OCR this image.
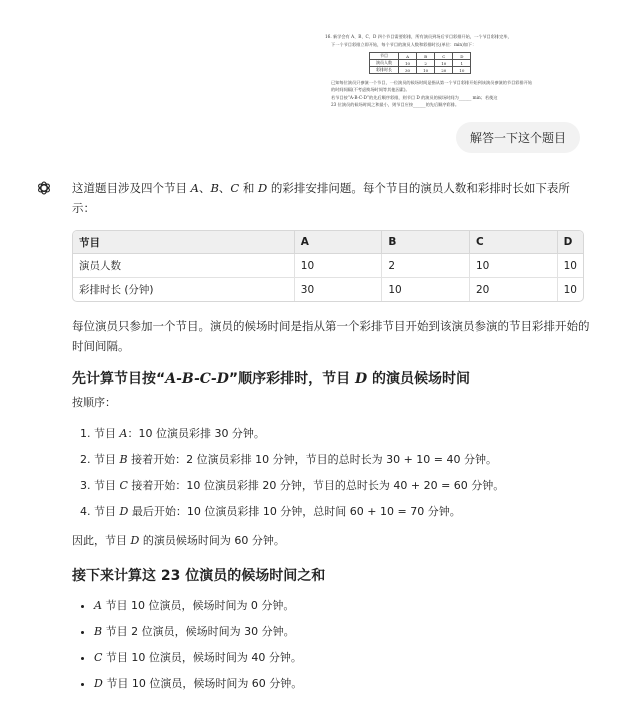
16. 新学会有 A、B、C、D 四个节目需要彩排，所有演员到场后节目彩排开始，一个节目彩排完毕，
下一个节目彩排立即开始，每个节目的演员人数和彩排时长(单位：min)如下：
节目	A	B	C	D
演员人数	10	2	10	1
彩排时长	30	10	20	10
已知每位演员只参演一个节目，一位演员的候场时间是指从第一个节目彩排开始到该演员参演的节目彩排开始
的时间间隔(不考虑换场时间等其他因素)。
若节目按“A-B-C-D”的先后顺序彩排，则节目 D 的演员的候场时间为______ min；若使这
23 位演员的候场时间之和最小，则节目应按______的先后顺序彩排。
解答一下这个题目

这道题目涉及四个节目 A、B、C 和 D 的彩排安排问题。每个节目的演员人数和彩排时长如下表所示：

节目	A	B	C	D
演员人数	10	2	10	10
彩排时长 (分钟)	30	10	20	10

每位演员只参加一个节目。演员的候场时间是指从第一个彩排节目开始到该演员参演的节目彩排开始的时间间隔。

先计算节目按“A-B-C-D”顺序彩排时，节目 D 的演员候场时间

按顺序：

1. 节目 A：10 位演员彩排 30 分钟。
2. 节目 B 接着开始：2 位演员彩排 10 分钟，节目的总时长为 30 + 10 = 40 分钟。
3. 节目 C 接着开始：10 位演员彩排 20 分钟，节目的总时长为 40 + 20 = 60 分钟。
4. 节目 D 最后开始：10 位演员彩排 10 分钟，总时间 60 + 10 = 70 分钟。

因此，节目 D 的演员候场时间为 60 分钟。

接下来计算这 23 位演员的候场时间之和
• A 节目 10 位演员，候场时间为 0 分钟。
• B 节目 2 位演员，候场时间为 30 分钟。
• C 节目 10 位演员，候场时间为 40 分钟。
• D 节目 10 位演员，候场时间为 60 分钟。
